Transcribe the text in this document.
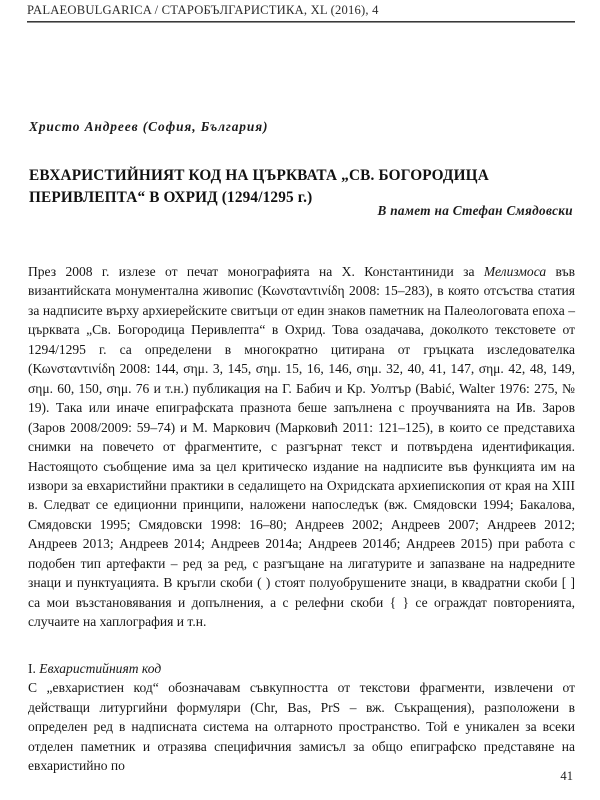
PALAEOBULGARICA / СТАРОБЪЛГАРИСТИКА, XL (2016), 4
Христо Андреев (София, България)
ЕВХАРИСТИЙНИЯТ КОД НА ЦЪРКВАТА „СВ. БОГОРОДИЦА
ПЕРИВЛЕПТА“ В ОХРИД (1294/1295 г.)
В памет на Стефан Смядовски

През 2008 г. излезе от печат монографията на Х. Константиниди за Мелизмоса във византийската монументална живопис (Κωνσταντινίδη 2008: 15–283), в която отсъства статия за надписите върху архиерейските свитъци от един знаков паметник на Палеологовата епоха – църквата „Св. Богородица Перивлепта“ в Охрид. Това озадачава, доколкото текстовете от 1294/1295 г. са определени в многократно цитирана от гръцката изследователка (Κωνσταντινίδη 2008: 144, σημ. 3, 145, σημ. 15, 16, 146, σημ. 32, 40, 41, 147, σημ. 42, 48, 149, σημ. 60, 150, σημ. 76 и т.н.) публикация на Г. Бабич и Кр. Уолтър (Babić, Walter 1976: 275, № 19). Така или иначе епиграфската празнота беше запълнена с проучванията на Ив. Заров (Заров 2008/2009: 59–74) и М. Маркович (Марковиħ 2011: 121–125), в които се представиха снимки на повечето от фрагментите, с разгърнат текст и потвърдена идентификация. Настоящото съобщение има за цел критическо издание на надписите във функцията им на извори за евхаристийни практики в седалището на Охридската архиепископия от края на XIII в. Следват се едиционни принципи, наложени напоследък (вж. Смядовски 1994; Бакалова, Смядовски 1995; Смядовски 1998: 16–80; Андреев 2002; Андреев 2007; Андреев 2012; Андреев 2013; Андреев 2014; Андреев 2014а; Андреев 2014б; Андреев 2015) при работа с подобен тип артефакти – ред за ред, с разгъщане на лигатурите и запазване на надредните знаци и пунктуацията. В кръгли скоби ( ) стоят полуобрушените знаци, в квадратни скоби [ ] са мои възстановявания и допълнения, а с релефни скоби { } се ограждат повторенията, случаите на хаплография и т.н.

I. Евхаристийният код

С „евхаристиен код“ обозначавам съвкупността от текстови фрагменти, извлечени от действащи литургийни формуляри (Chr, Bas, PrS – вж. Съкращения), разположени в определен ред в надписната система на олтарното пространство. Той е уникален за всеки отделен паметник и отразява специфичния замисъл за общо епиграфско представяне на евхаристийно по

41
